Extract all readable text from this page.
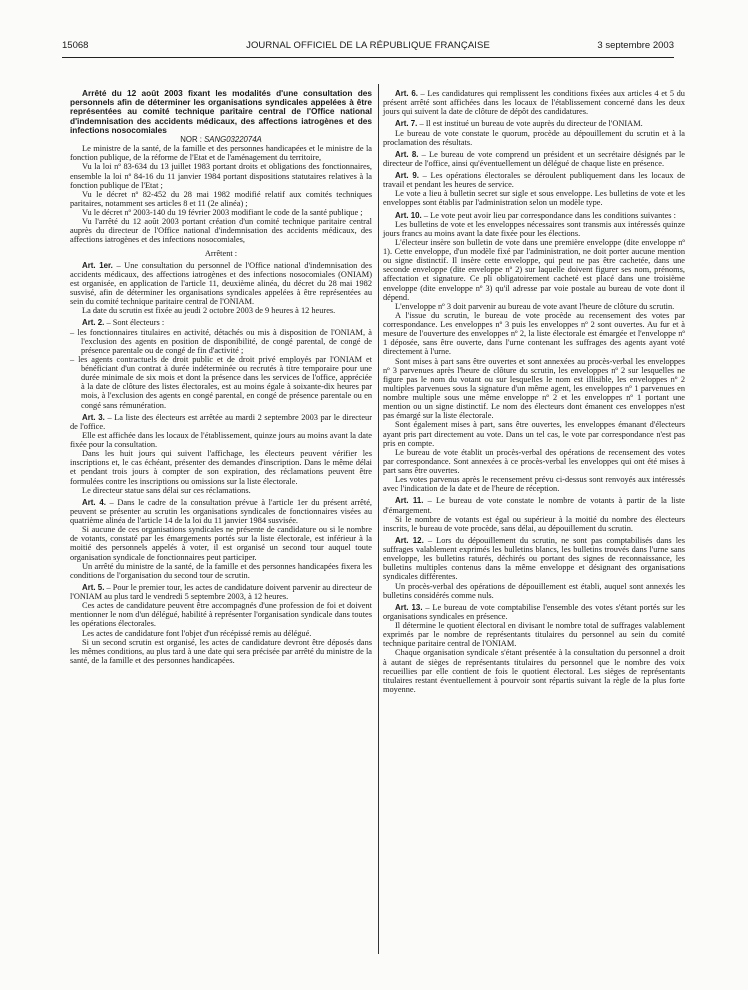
15068	JOURNAL OFFICIEL DE LA RÉPUBLIQUE FRANÇAISE	3 septembre 2003

Arrêté du 12 août 2003 fixant les modalités d'une consultation des personnels afin de déterminer les organisations syndicales appelées à être représentées au comité technique paritaire central de l'Office national d'indemnisation des accidents médicaux, des affections iatrogènes et des infections nosocomiales

NOR : SANG0322074A

Le ministre de la santé, de la famille et des personnes handicapées et le ministre de la fonction publique, de la réforme de l'Etat et de l'aménagement du territoire,

Vu la loi nº 83-634 du 13 juillet 1983 portant droits et obligations des fonctionnaires, ensemble la loi nº 84-16 du 11 janvier 1984 portant dispositions statutaires relatives à la fonction publique de l'Etat ;

Vu le décret nº 82-452 du 28 mai 1982 modifié relatif aux comités techniques paritaires, notamment ses articles 8 et 11 (2e alinéa) ;

Vu le décret nº 2003-140 du 19 février 2003 modifiant le code de la santé publique ;

Vu l'arrêté du 12 août 2003 portant création d'un comité technique paritaire central auprès du directeur de l'Office national d'indemnisation des accidents médicaux, des affections iatrogènes et des infections nosocomiales,

Arrêtent :

Art. 1er. – Une consultation du personnel de l'Office national d'indemnisation des accidents médicaux, des affections iatrogènes et des infections nosocomiales (ONIAM) est organisée, en application de l'article 11, deuxième alinéa, du décret du 28 mai 1982 susvisé, afin de déterminer les organisations syndicales appelées à être représentées au sein du comité technique paritaire central de l'ONIAM.

La date du scrutin est fixée au jeudi 2 octobre 2003 de 9 heures à 12 heures.

Art. 2. – Sont électeurs :

– les fonctionnaires titulaires en activité, détachés ou mis à disposition de l'ONIAM, à l'exclusion des agents en position de disponibilité, de congé parental, de congé de présence parentale ou de congé de fin d'activité ;

– les agents contractuels de droit public et de droit privé employés par l'ONIAM et bénéficiant d'un contrat à durée indéterminée ou recrutés à titre temporaire pour une durée minimale de six mois et dont la présence dans les services de l'office, appréciée à la date de clôture des listes électorales, est au moins égale à soixante-dix heures par mois, à l'exclusion des agents en congé parental, en congé de présence parentale ou en congé sans rémunération.

Art. 3. – La liste des électeurs est arrêtée au mardi 2 septembre 2003 par le directeur de l'office.

Elle est affichée dans les locaux de l'établissement, quinze jours au moins avant la date fixée pour la consultation.

Dans les huit jours qui suivent l'affichage, les électeurs peuvent vérifier les inscriptions et, le cas échéant, présenter des demandes d'inscription. Dans le même délai et pendant trois jours à compter de son expiration, des réclamations peuvent être formulées contre les inscriptions ou omissions sur la liste électorale.

Le directeur statue sans délai sur ces réclamations.

Art. 4. – Dans le cadre de la consultation prévue à l'article 1er du présent arrêté, peuvent se présenter au scrutin les organisations syndicales de fonctionnaires visées au quatrième alinéa de l'article 14 de la loi du 11 janvier 1984 susvisée.

Si aucune de ces organisations syndicales ne présente de candidature ou si le nombre de votants, constaté par les émargements portés sur la liste électorale, est inférieur à la moitié des personnels appelés à voter, il est organisé un second tour auquel toute organisation syndicale de fonctionnaires peut participer.

Un arrêté du ministre de la santé, de la famille et des personnes handicapées fixera les conditions de l'organisation du second tour de scrutin.

Art. 5. – Pour le premier tour, les actes de candidature doivent parvenir au directeur de l'ONIAM au plus tard le vendredi 5 septembre 2003, à 12 heures.

Ces actes de candidature peuvent être accompagnés d'une profession de foi et doivent mentionner le nom d'un délégué, habilité à représenter l'organisation syndicale dans toutes les opérations électorales.

Les actes de candidature font l'objet d'un récépissé remis au délégué.

Si un second scrutin est organisé, les actes de candidature devront être déposés dans les mêmes conditions, au plus tard à une date qui sera précisée par arrêté du ministre de la santé, de la famille et des personnes handicapées.

Art. 6. – Les candidatures qui remplissent les conditions fixées aux articles 4 et 5 du présent arrêté sont affichées dans les locaux de l'établissement concerné dans les deux jours qui suivent la date de clôture de dépôt des candidatures.

Art. 7. – Il est institué un bureau de vote auprès du directeur de l'ONIAM.

Le bureau de vote constate le quorum, procède au dépouillement du scrutin et à la proclamation des résultats.

Art. 8. – Le bureau de vote comprend un président et un secrétaire désignés par le directeur de l'office, ainsi qu'éventuellement un délégué de chaque liste en présence.

Art. 9. – Les opérations électorales se déroulent publiquement dans les locaux de travail et pendant les heures de service.

Le vote a lieu à bulletin secret sur sigle et sous enveloppe. Les bulletins de vote et les enveloppes sont établis par l'administration selon un modèle type.

Art. 10. – Le vote peut avoir lieu par correspondance dans les conditions suivantes :

Les bulletins de vote et les enveloppes nécessaires sont transmis aux intéressés quinze jours francs au moins avant la date fixée pour les élections.

L'électeur insère son bulletin de vote dans une première enveloppe (dite enveloppe nº 1). Cette enveloppe, d'un modèle fixé par l'administration, ne doit porter aucune mention ou signe distinctif. Il insère cette enveloppe, qui peut ne pas être cachetée, dans une seconde enveloppe (dite enveloppe nº 2) sur laquelle doivent figurer ses nom, prénoms, affectation et signature. Ce pli obligatoirement cacheté est placé dans une troisième enveloppe (dite enveloppe nº 3) qu'il adresse par voie postale au bureau de vote dont il dépend.

L'enveloppe nº 3 doit parvenir au bureau de vote avant l'heure de clôture du scrutin.

A l'issue du scrutin, le bureau de vote procède au recensement des votes par correspondance. Les enveloppes nº 3 puis les enveloppes nº 2 sont ouvertes. Au fur et à mesure de l'ouverture des enveloppes nº 2, la liste électorale est émargée et l'enveloppe nº 1 déposée, sans être ouverte, dans l'urne contenant les suffrages des agents ayant voté directement à l'urne.

Sont mises à part sans être ouvertes et sont annexées au procès-verbal les enveloppes nº 3 parvenues après l'heure de clôture du scrutin, les enveloppes nº 2 sur lesquelles ne figure pas le nom du votant ou sur lesquelles le nom est illisible, les enveloppes nº 2 multiples parvenues sous la signature d'un même agent, les enveloppes nº 1 parvenues en nombre multiple sous une même enveloppe nº 2 et les enveloppes nº 1 portant une mention ou un signe distinctif. Le nom des électeurs dont émanent ces enveloppes n'est pas émargé sur la liste électorale.

Sont également mises à part, sans être ouvertes, les enveloppes émanant d'électeurs ayant pris part directement au vote. Dans un tel cas, le vote par correspondance n'est pas pris en compte.

Le bureau de vote établit un procès-verbal des opérations de recensement des votes par correspondance. Sont annexées à ce procès-verbal les enveloppes qui ont été mises à part sans être ouvertes.

Les votes parvenus après le recensement prévu ci-dessus sont renvoyés aux intéressés avec l'indication de la date et de l'heure de réception.

Art. 11. – Le bureau de vote constate le nombre de votants à partir de la liste d'émargement.

Si le nombre de votants est égal ou supérieur à la moitié du nombre des électeurs inscrits, le bureau de vote procède, sans délai, au dépouillement du scrutin.

Art. 12. – Lors du dépouillement du scrutin, ne sont pas comptabilisés dans les suffrages valablement exprimés les bulletins blancs, les bulletins trouvés dans l'urne sans enveloppe, les bulletins raturés, déchirés ou portant des signes de reconnaissance, les bulletins multiples contenus dans la même enveloppe et désignant des organisations syndicales différentes.

Un procès-verbal des opérations de dépouillement est établi, auquel sont annexés les bulletins considérés comme nuls.

Art. 13. – Le bureau de vote comptabilise l'ensemble des votes s'étant portés sur les organisations syndicales en présence.

Il détermine le quotient électoral en divisant le nombre total de suffrages valablement exprimés par le nombre de représentants titulaires du personnel au sein du comité technique paritaire central de l'ONIAM.

Chaque organisation syndicale s'étant présentée à la consultation du personnel a droit à autant de sièges de représentants titulaires du personnel que le nombre des voix recueillies par elle contient de fois le quotient électoral. Les sièges de représentants titulaires restant éventuellement à pourvoir sont répartis suivant la règle de la plus forte moyenne.
